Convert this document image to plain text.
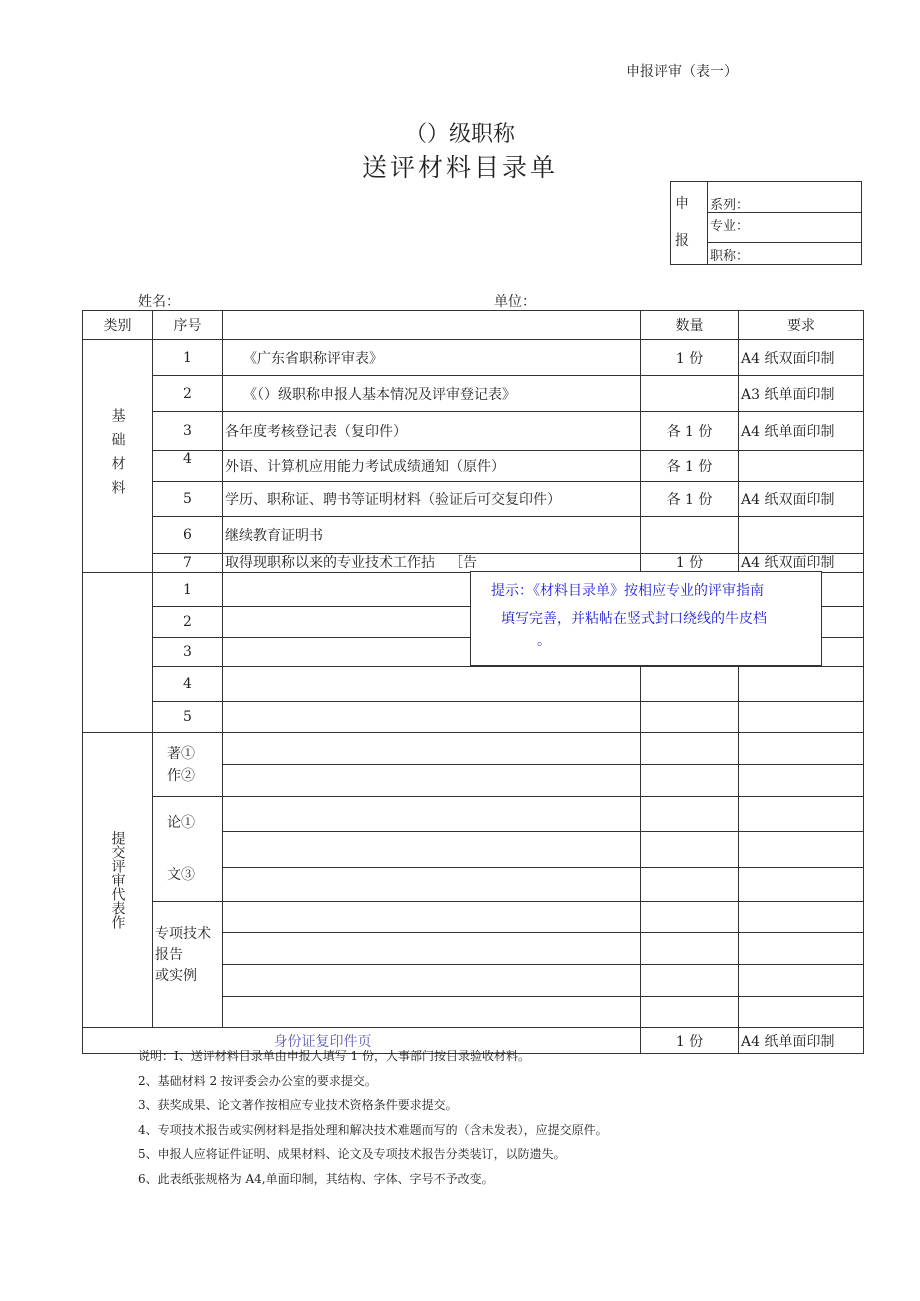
申报评审（表一）
（）级职称
送评材料目录单
申
报
系列：
专业：
职称：
姓名：	单位：
类别	序号		数量	要求

基础材料	1	《广东省职称评审表》	1 份	A4 纸双面印制
	2	《（）级职称申报人基本情况及评审登记表》		A3 纸单面印制
	3	各年度考核登记表（复印件）	各 1 份	A4 纸单面印制
	4	外语、计算机应用能力考试成绩通知（原件）	各 1 份	
	5	学历、职称证、聘书等证明材料（验证后可交复印件）	各 1 份	A4 纸双面印制
	6	继续教育证明书		
	7	取得现职称以来的专业技术工作拈 ［告	1 份	A4 纸双面印制
	1			
	2			
	3			
	4			
	5			

提交评审代表作	著①
作②			

	论①
文③			

	专项技术
报告
或实例			

身份证复印件页			1 份	A4 纸单面印制
提示：《材料目录单》按相应专业的评审指南
填写完善，并粘帖在竖式封口绕线的牛皮档
。
说明：I、送评材料目录单由申报人填写 1 份，人事部门按目录验收材料。
2、基础材料 2 按评委会办公室的要求提交。
3、获奖成果、论文著作按相应专业技术资格条件要求提交。
4、专项技术报告或实例材料是指处理和解决技术难题而写的（含未发表），应提交原件。
5、申报人应将证件证明、成果材料、论文及专项技术报告分类装订，以防遗失。
6、此表纸张规格为 A4,单面印制，其结构、字体、字号不予改变。
